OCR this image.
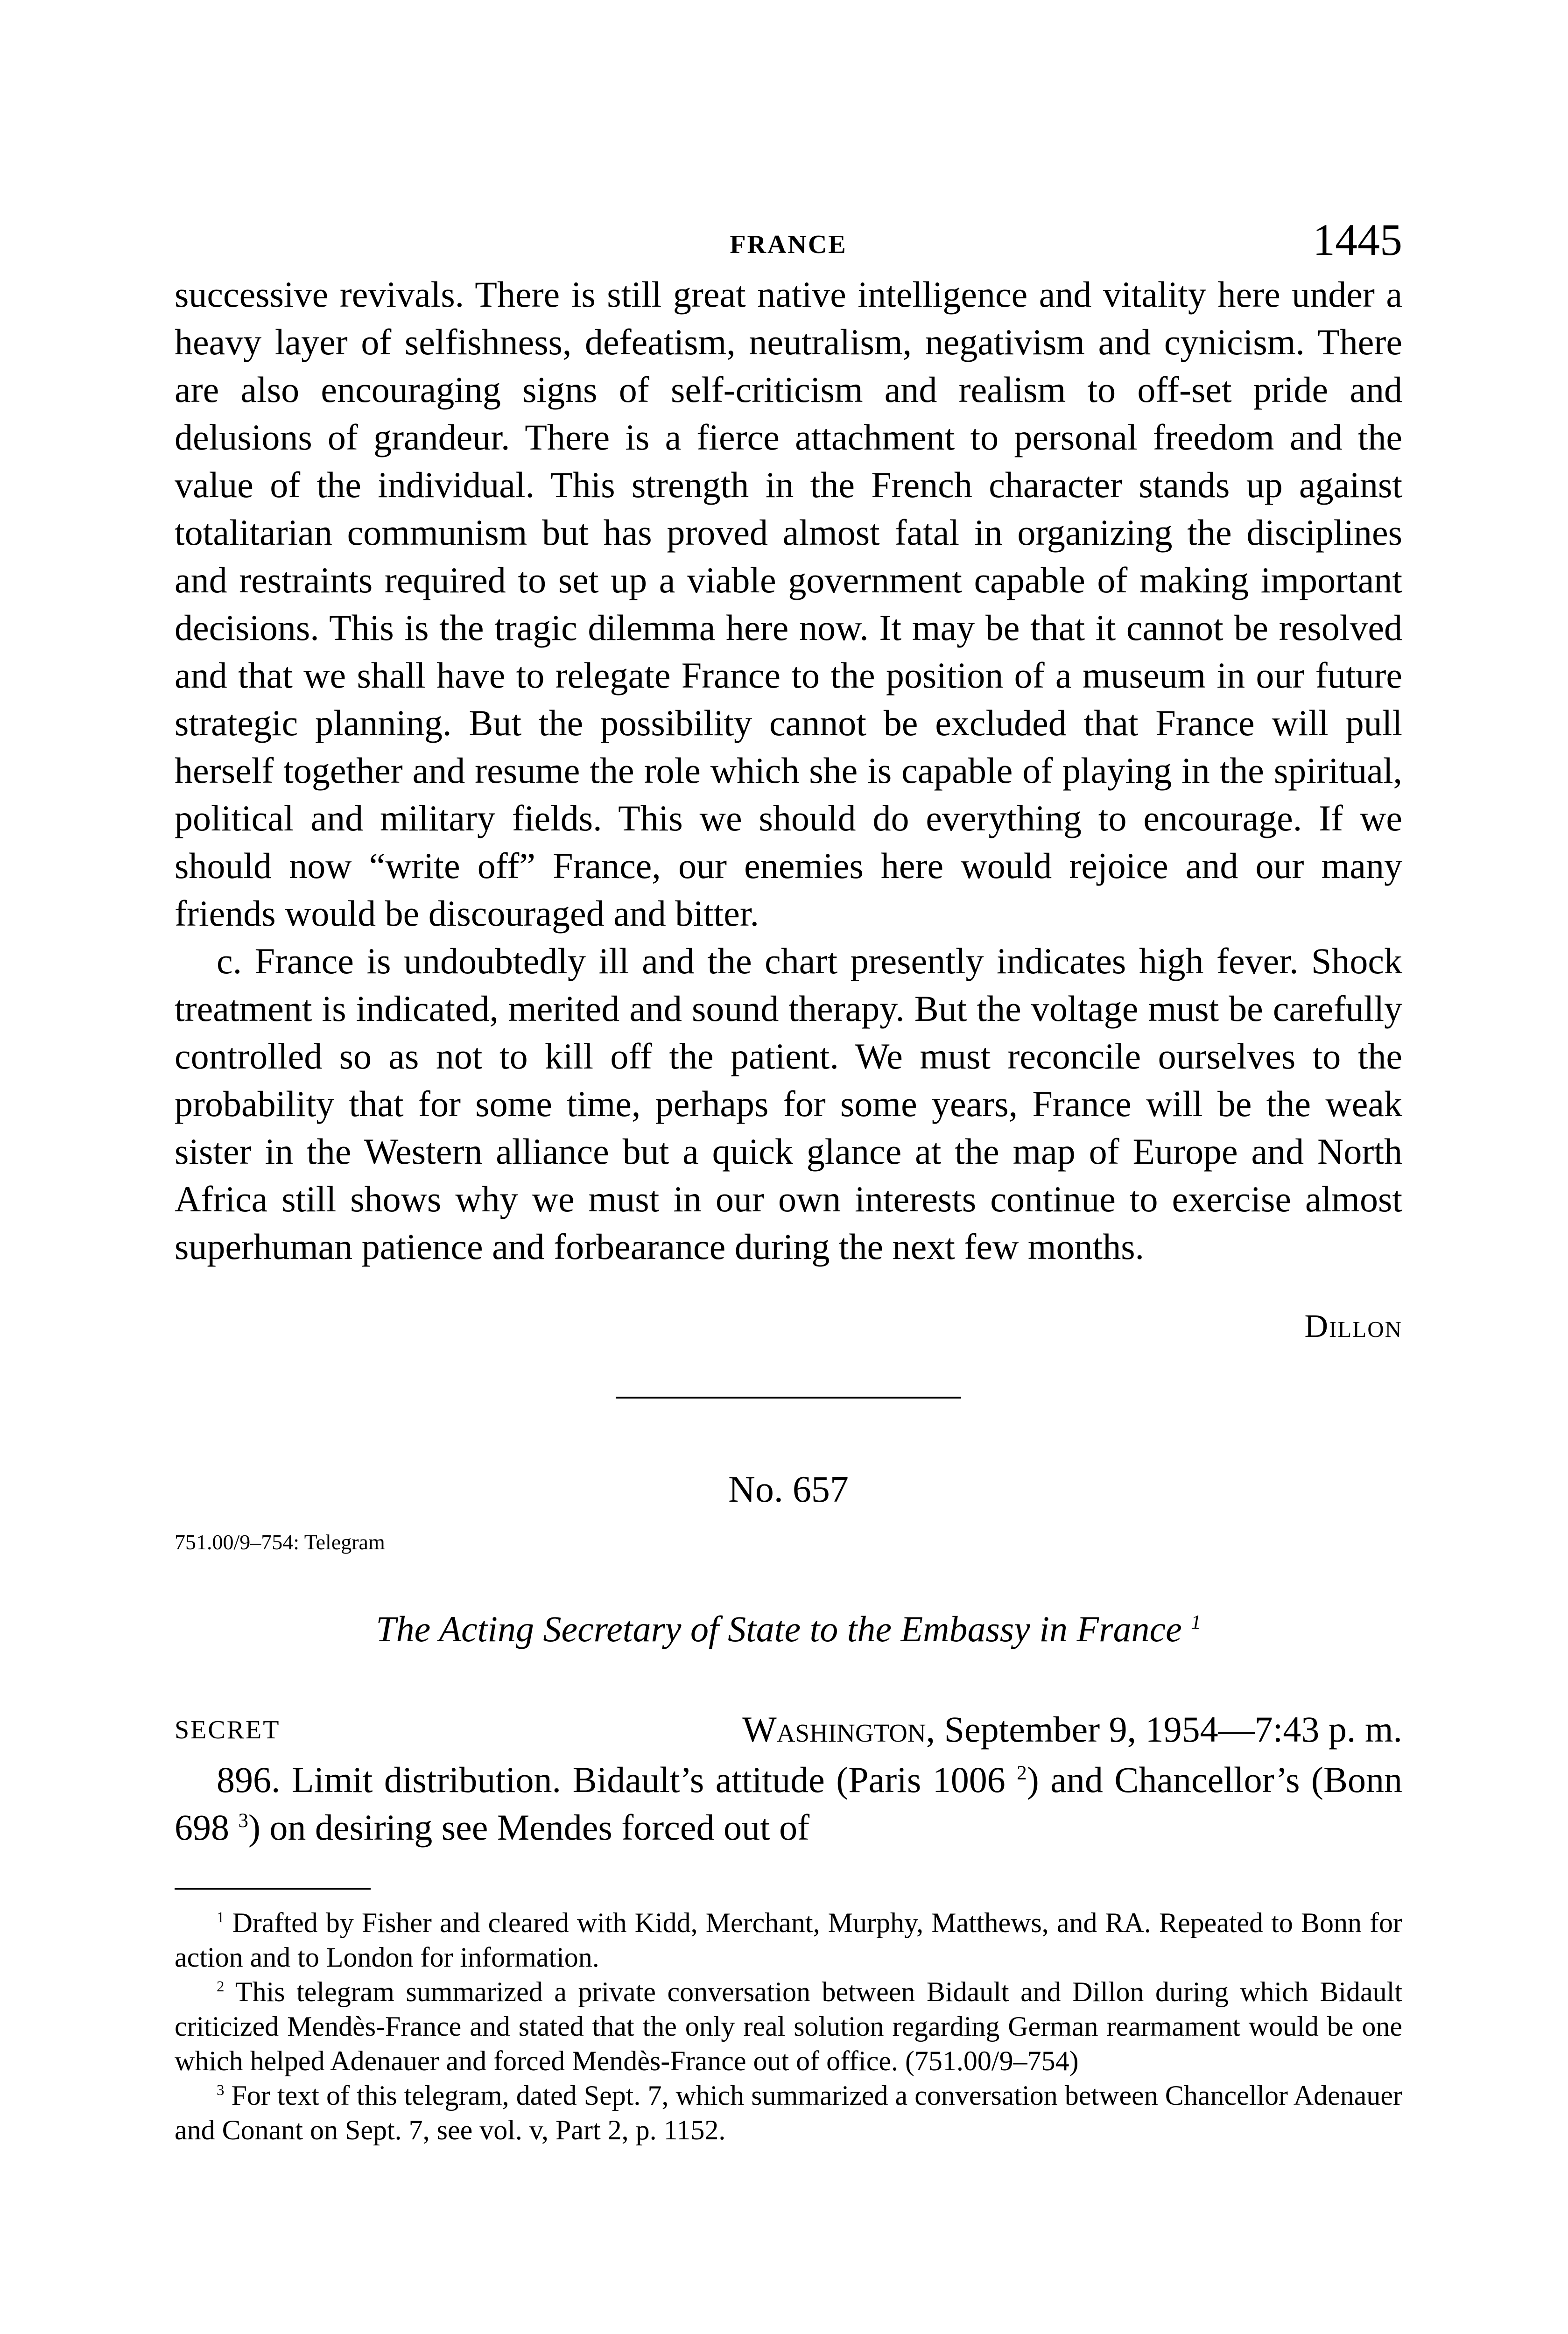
FRANCE	1445

successive revivals. There is still great native intelligence and vitality here under a heavy layer of selfishness, defeatism, neutralism, negativism and cynicism. There are also encouraging signs of self-criticism and realism to off-set pride and delusions of grandeur. There is a fierce attachment to personal freedom and the value of the individual. This strength in the French character stands up against totalitarian communism but has proved almost fatal in organizing the disciplines and restraints required to set up a viable government capable of making important decisions. This is the tragic dilemma here now. It may be that it cannot be resolved and that we shall have to relegate France to the position of a museum in our future strategic planning. But the possibility cannot be excluded that France will pull herself together and resume the role which she is capable of playing in the spiritual, political and military fields. This we should do everything to encourage. If we should now “write off” France, our enemies here would rejoice and our many friends would be discouraged and bitter.

c. France is undoubtedly ill and the chart presently indicates high fever. Shock treatment is indicated, merited and sound therapy. But the voltage must be carefully controlled so as not to kill off the patient. We must reconcile ourselves to the probability that for some time, perhaps for some years, France will be the weak sister in the Western alliance but a quick glance at the map of Europe and North Africa still shows why we must in our own interests continue to exercise almost superhuman patience and forbearance during the next few months.

Dillon
No. 657
751.00/9–754: Telegram
The Acting Secretary of State to the Embassy in France $^1$
SECRET	Washington, September 9, 1954—7:43 p. m.

896. Limit distribution. Bidault’s attitude (Paris 1006 $^2$) and Chancellor’s (Bonn 698 $^3$) on desiring see Mendes forced out of

$^1$ Drafted by Fisher and cleared with Kidd, Merchant, Murphy, Matthews, and RA. Repeated to Bonn for action and to London for information.

$^2$ This telegram summarized a private conversation between Bidault and Dillon during which Bidault criticized Mendès-France and stated that the only real solution regarding German rearmament would be one which helped Adenauer and forced Mendès-France out of office. (751.00/9–754)

$^3$ For text of this telegram, dated Sept. 7, which summarized a conversation between Chancellor Adenauer and Conant on Sept. 7, see vol. v, Part 2, p. 1152.
